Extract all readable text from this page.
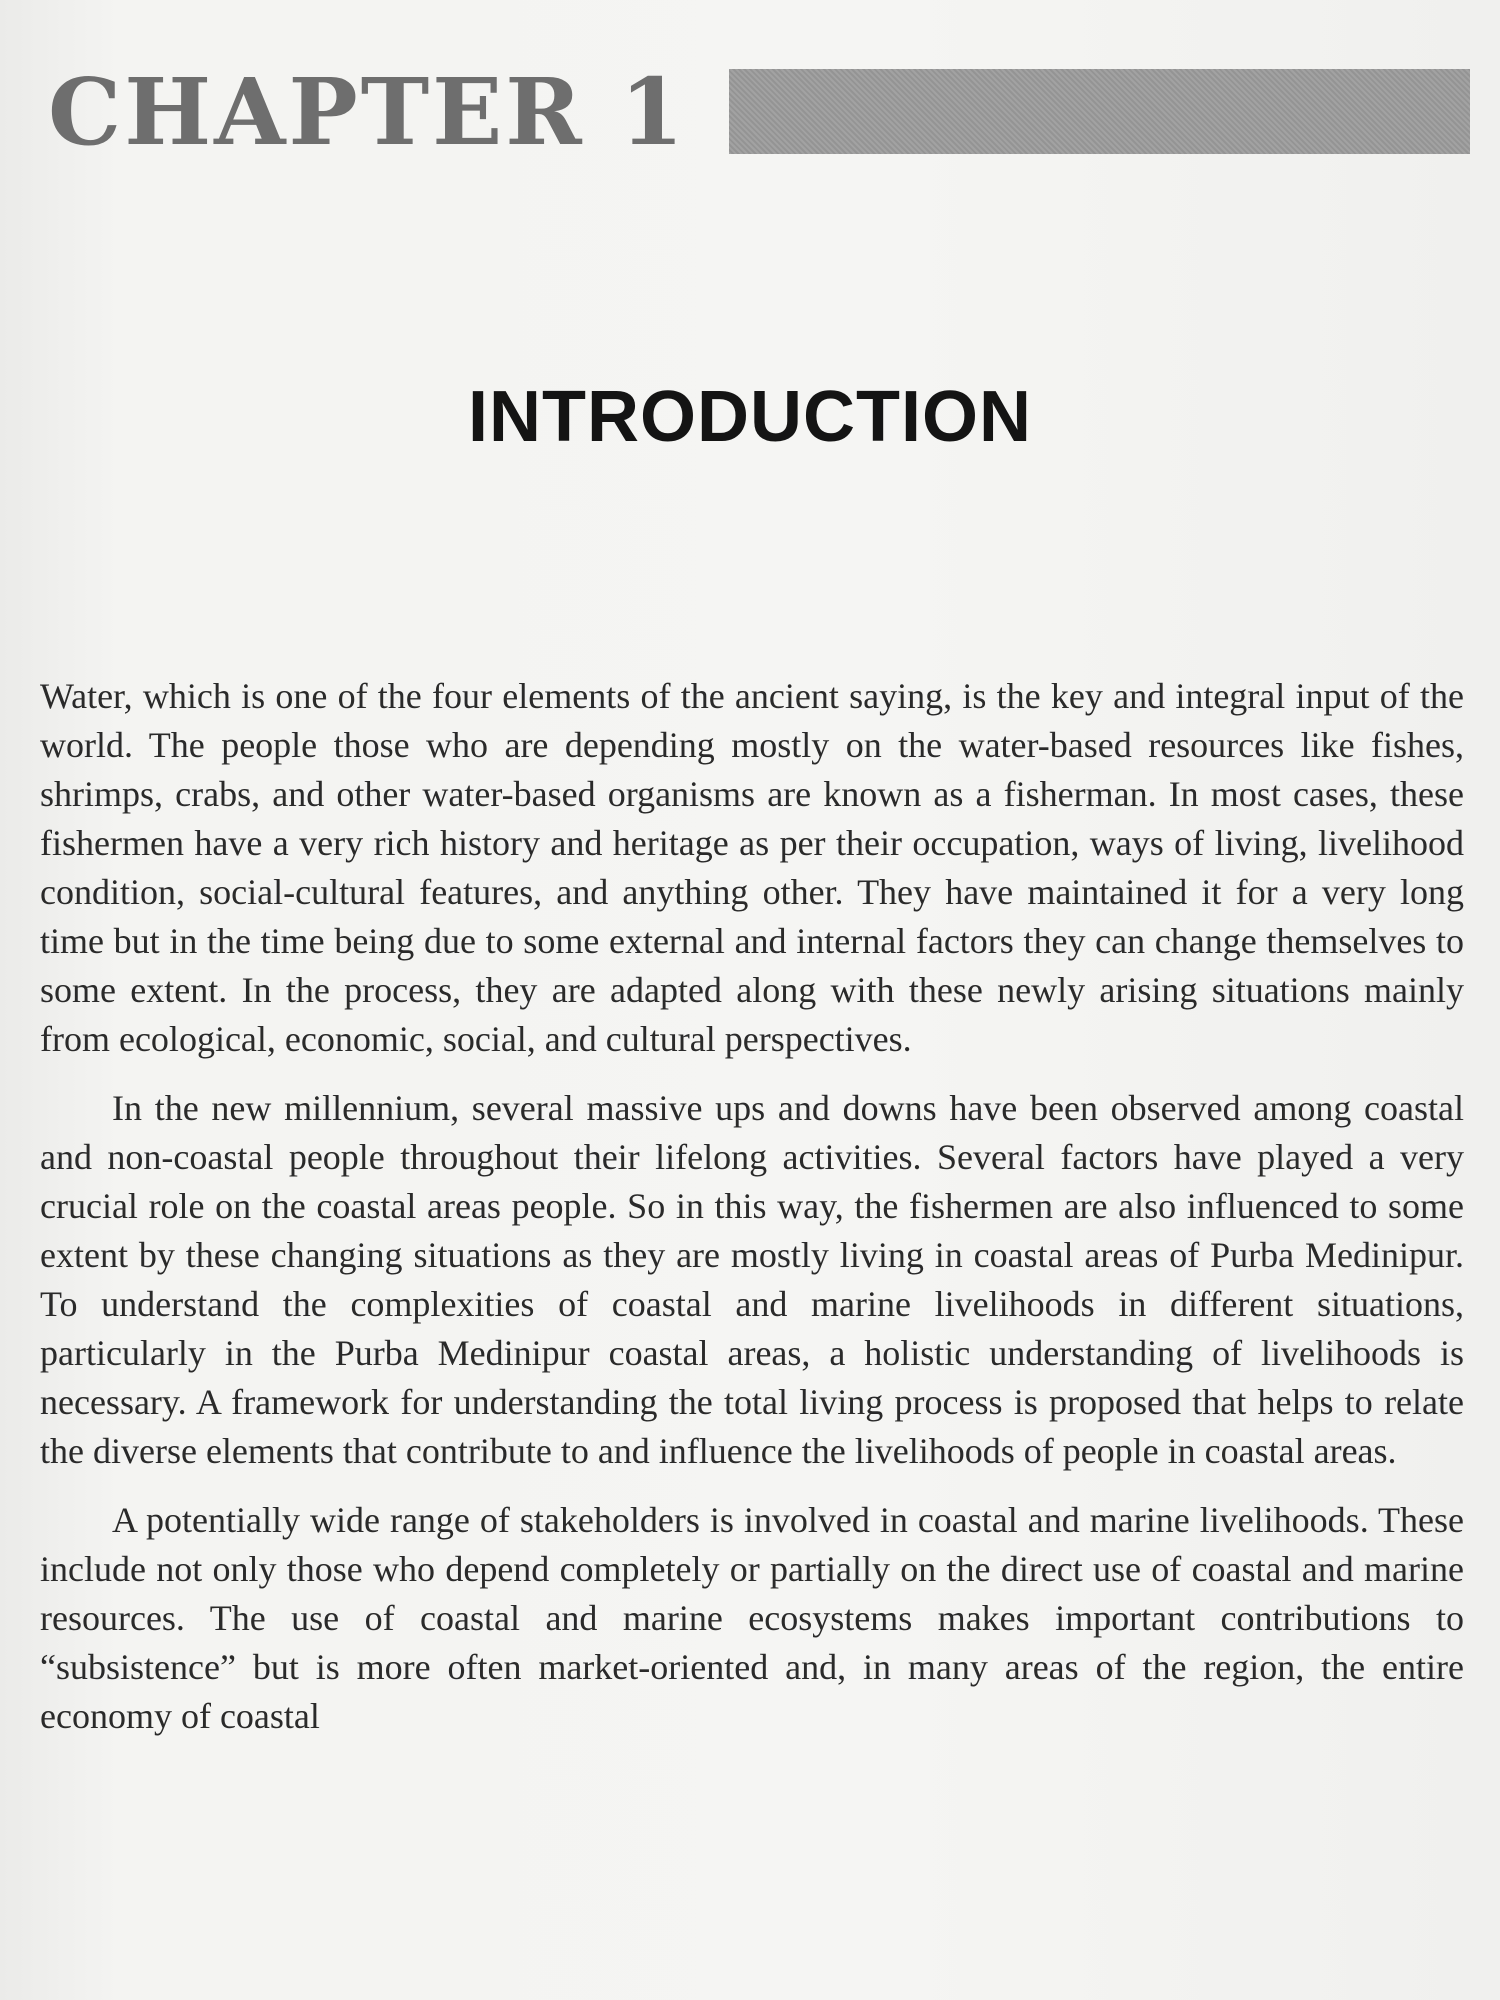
CHAPTER 1
INTRODUCTION

Water, which is one of the four elements of the ancient saying, is the key and integral input of the world. The people those who are depending mostly on the water-based resources like fishes, shrimps, crabs, and other water-based organisms are known as a fisherman. In most cases, these fishermen have a very rich history and heritage as per their occupation, ways of living, livelihood condition, social-cultural features, and anything other. They have maintained it for a very long time but in the time being due to some external and internal factors they can change themselves to some extent. In the process, they are adapted along with these newly arising situations mainly from ecological, economic, social, and cultural perspectives.

In the new millennium, several massive ups and downs have been observed among coastal and non-coastal people throughout their lifelong activities. Several factors have played a very crucial role on the coastal areas people. So in this way, the fishermen are also influenced to some extent by these changing situations as they are mostly living in coastal areas of Purba Medinipur. To understand the complexities of coastal and marine livelihoods in different situations, particularly in the Purba Medinipur coastal areas, a holistic understanding of livelihoods is necessary. A framework for understanding the total living process is proposed that helps to relate the diverse elements that contribute to and influence the livelihoods of people in coastal areas.

A potentially wide range of stakeholders is involved in coastal and marine livelihoods. These include not only those who depend completely or partially on the direct use of coastal and marine resources. The use of coastal and marine ecosystems makes important contributions to “subsistence” but is more often market-oriented and, in many areas of the region, the entire economy of coastal
